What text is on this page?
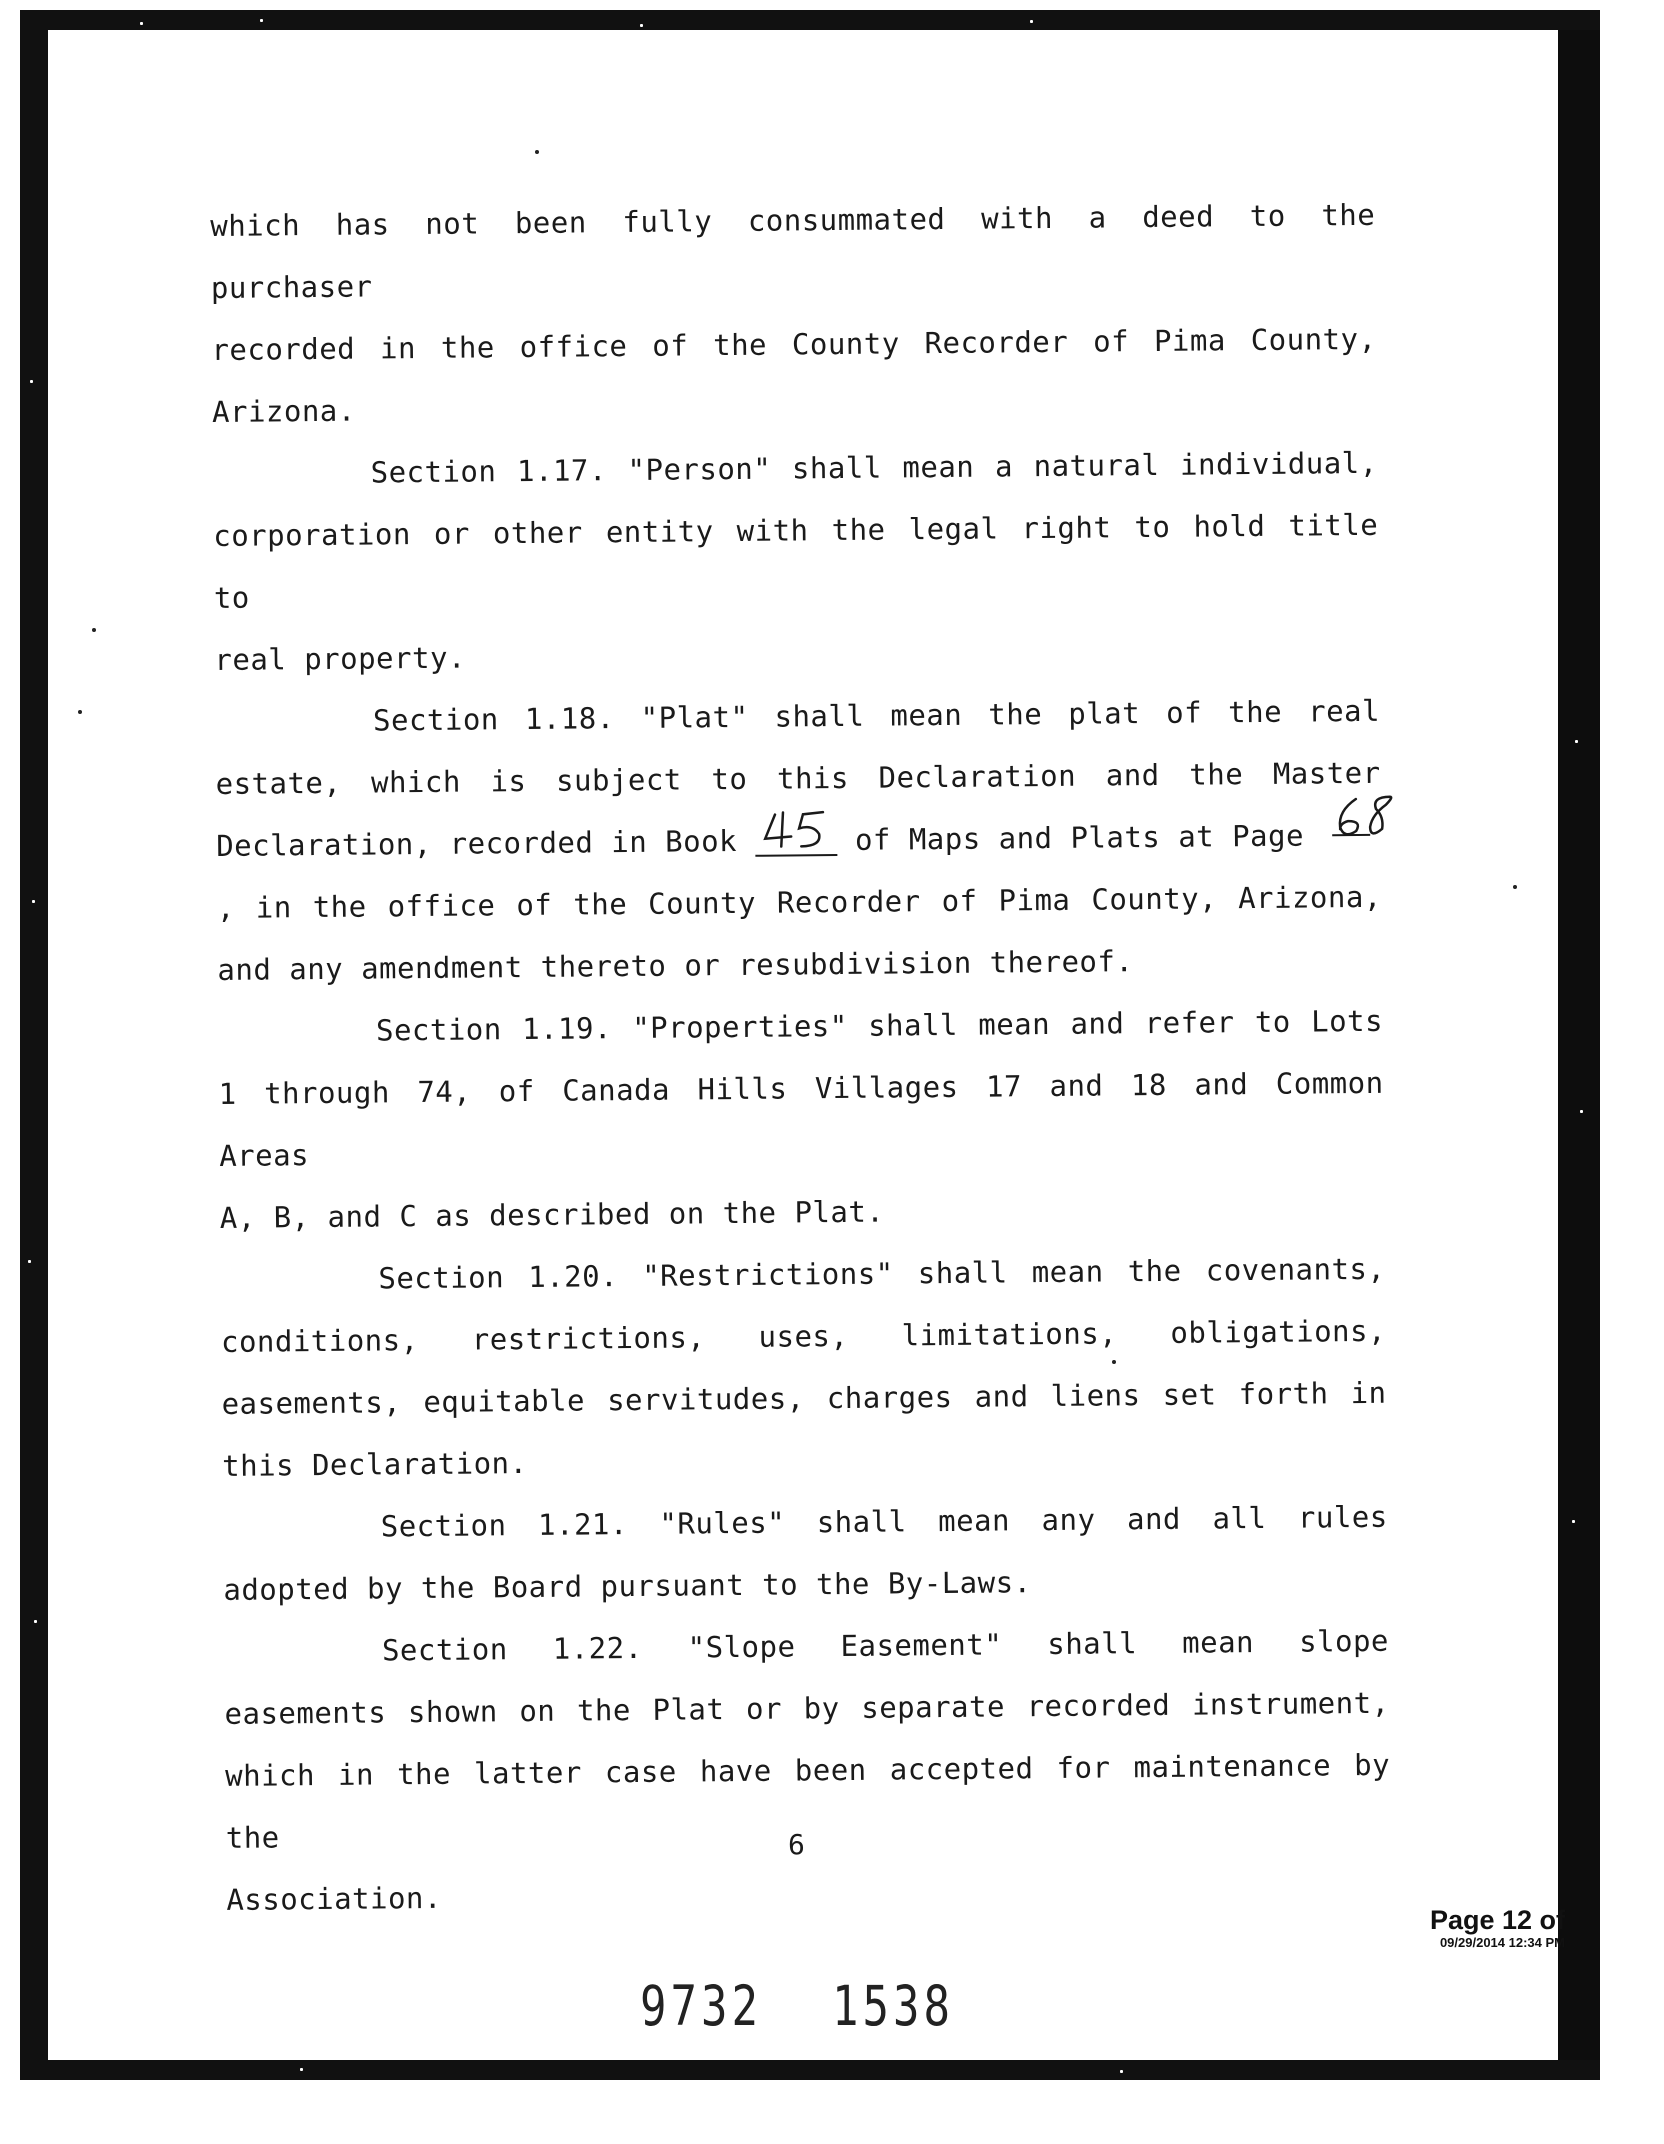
which has not been fully consummated with a deed to the purchaser

recorded in the office of the County Recorder of Pima County,

Arizona.

Section 1.17. "Person" shall mean a natural individual,

corporation or other entity with the legal right to hold title to

real property.

Section 1.18. "Plat" shall mean the plat of the real

estate, which is subject to this Declaration and the Master

Declaration, recorded in Book	of Maps and Plats at Page

, in the office of the County Recorder of Pima County, Arizona,

and any amendment thereto or resubdivision thereof.

Section 1.19. "Properties" shall mean and refer to Lots

1 through 74, of Canada Hills Villages 17 and 18 and Common Areas

A, B, and C as described on the Plat.

Section 1.20. "Restrictions" shall mean the covenants,

conditions, restrictions, uses, limitations, obligations,

easements, equitable servitudes, charges and liens set forth in

this Declaration.

Section 1.21. "Rules" shall mean any and all rules

adopted by the Board pursuant to the By-Laws.

Section 1.22. "Slope Easement" shall mean slope

easements shown on the Plat or by separate recorded instrument,

which in the latter case have been accepted for maintenance by the

Association.

6
Page 12 of
09/29/2014 12:34 PM
9732 1538
